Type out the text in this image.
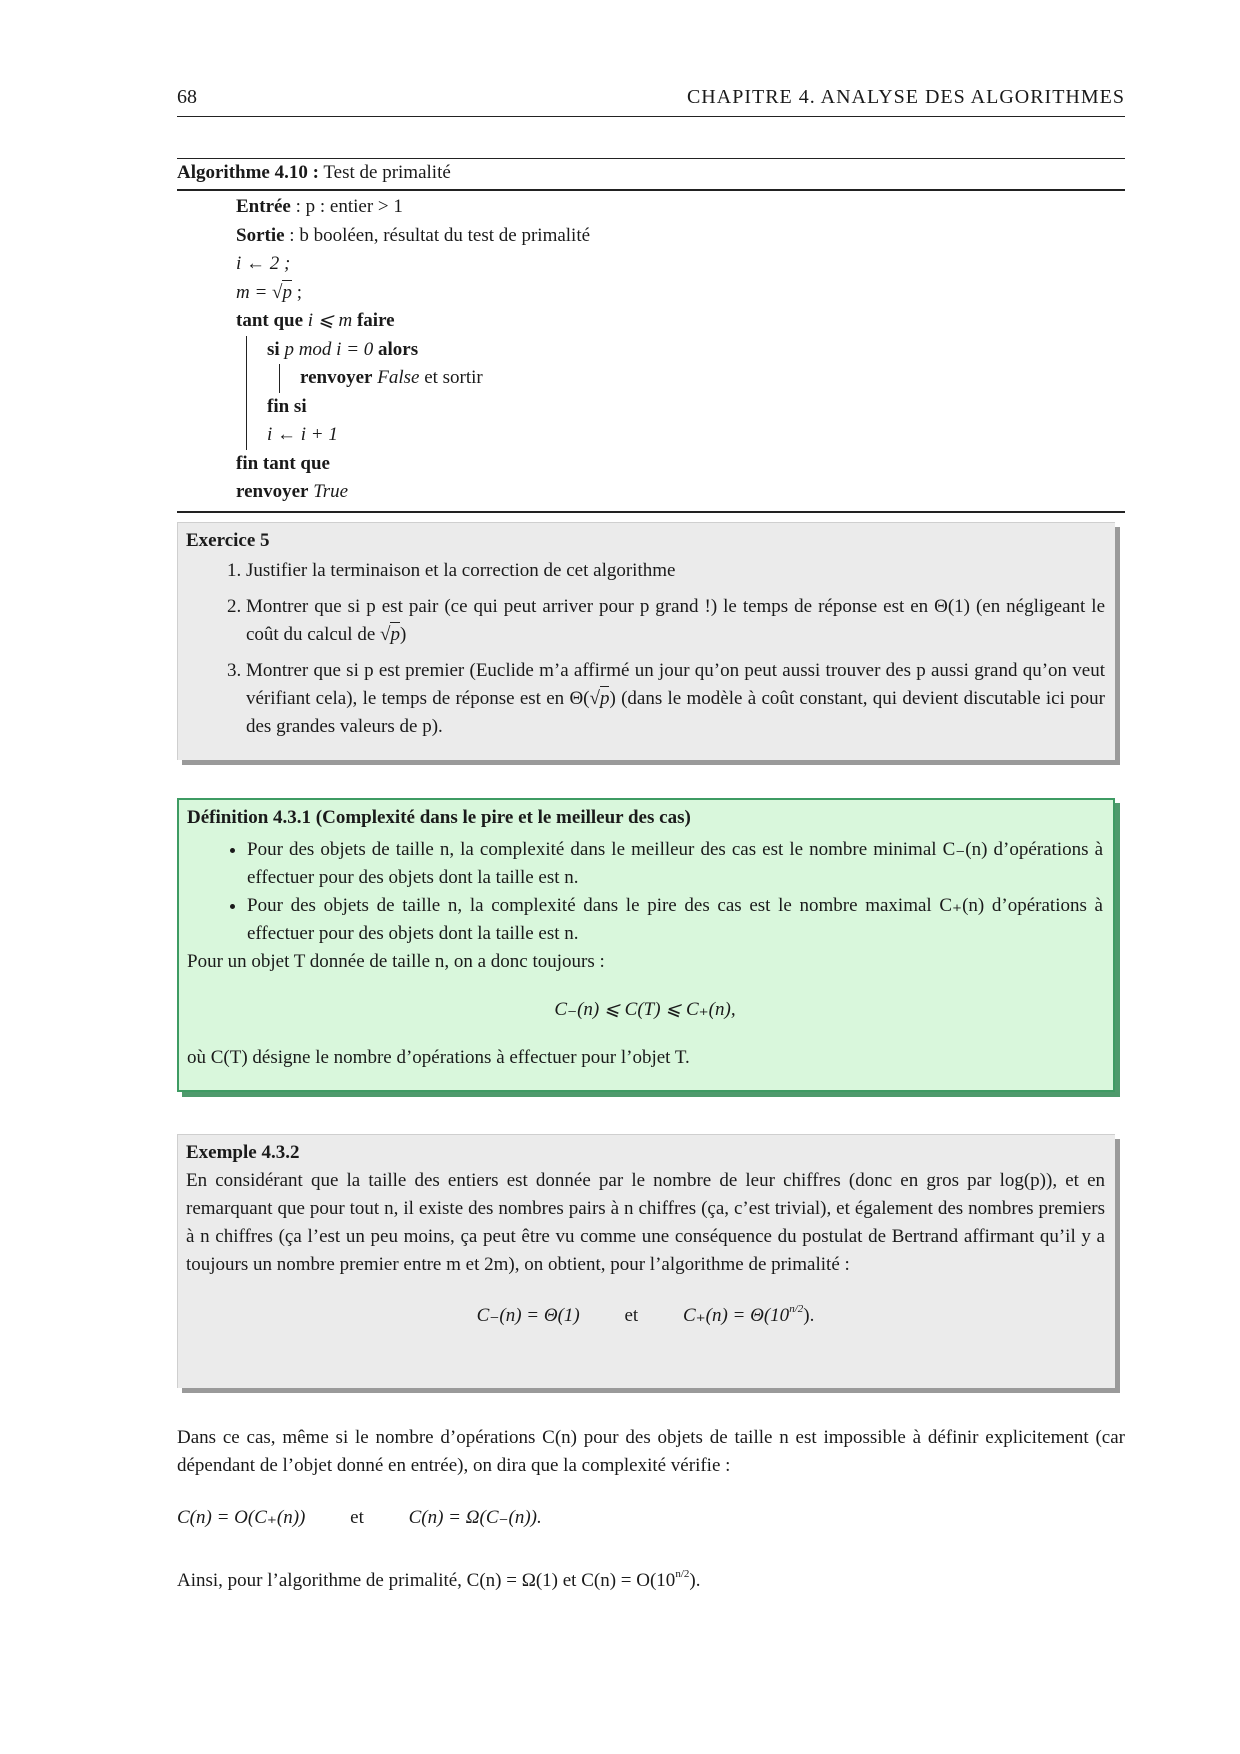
68	CHAPITRE 4. ANALYSE DES ALGORITHMES
Algorithme 4.10 : Test de primalité
Entrée : p : entier > 1
Sortie : b booléen, résultat du test de primalité
i ← 2 ;
m = √p ;
tant que i ⩽ m faire
si p mod i = 0 alors
renvoyer False et sortir
fin si
i ← i + 1
fin tant que
renvoyer True
Exercice 5
1. Justifier la terminaison et la correction de cet algorithme
2. Montrer que si p est pair (ce qui peut arriver pour p grand !) le temps de réponse est en Θ(1) (en négligeant le coût du calcul de √p)
3. Montrer que si p est premier (Euclide m’a affirmé un jour qu’on peut aussi trouver des p aussi grand qu’on veut vérifiant cela), le temps de réponse est en Θ(√p) (dans le modèle à coût constant, qui devient discutable ici pour des grandes valeurs de p).
Définition 4.3.1 (Complexité dans le pire et le meilleur des cas)
• Pour des objets de taille n, la complexité dans le meilleur des cas est le nombre minimal C₋(n) d’opérations à effectuer pour des objets dont la taille est n.
• Pour des objets de taille n, la complexité dans le pire des cas est le nombre maximal C₊(n) d’opérations à effectuer pour des objets dont la taille est n.

Pour un objet T donnée de taille n, on a donc toujours :

C₋(n) ⩽ C(T) ⩽ C₊(n),

où C(T) désigne le nombre d’opérations à effectuer pour l’objet T.

Exemple 4.3.2

En considérant que la taille des entiers est donnée par le nombre de leur chiffres (donc en gros par log(p)), et en remarquant que pour tout n, il existe des nombres pairs à n chiffres (ça, c’est trivial), et également des nombres premiers à n chiffres (ça l’est un peu moins, ça peut être vu comme une conséquence du postulat de Bertrand affirmant qu’il y a toujours un nombre premier entre m et 2m), on obtient, pour l’algorithme de primalité :

C₋(n) = Θ(1) et $C_+(n) = \Theta(10^{n/2})$.

Dans ce cas, même si le nombre d’opérations C(n) pour des objets de taille n est impossible à définir explicitement (car dépendant de l’objet donné en entrée), on dira que la complexité vérifie :
C(n) = O(C₊(n)) et C(n) = Ω(C₋(n)).
Ainsi, pour l’algorithme de primalité, C(n) = Ω(1) et $C(n) = O(10^{n/2})$.
